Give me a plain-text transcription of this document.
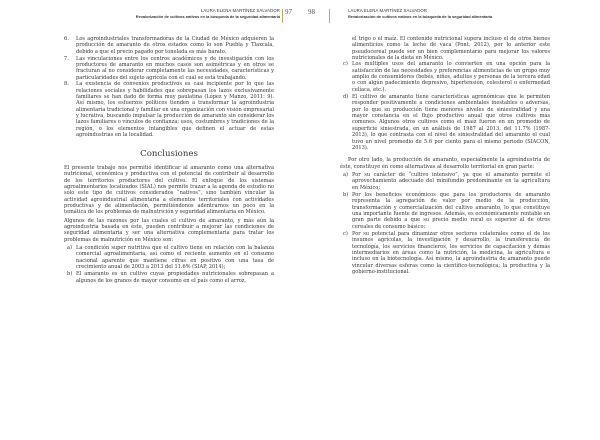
LAURA ELENA MARTÍNEZ SALVADOR
Revalorización de cultivos nativos en la búsqueda de la seguridad alimentaria 97
6. Los agroindustriales transformadoras de la Ciudad de México adquieren la producción de amaranto de otros estados como lo son Puebla y Tlaxcala, debido a que el precio pagado por tonelada es más barato.
7. Las vinculaciones entre los centros académicos y de investigación con los productores de amaranto en muchos casos son asimétricas y en otros se fracturan al no considerar completamente las necesidades, características y particularidades del sujeto agrícola con el cual se está trabajando.
8. La existencia de convenios productivos es casi incipiente por lo que las relaciones sociales y habilidades que sobrepasan los lazos exclusivamente familiares se han dado de forma muy paulatina (López y Manzo, 2011: 9). Así mismo, los esfuerzos políticos tienden a transformar la agroindustria alimentaria tradicional y familiar en una organización con visión empresarial y lucrativa, buscando impulsar la producción de amaranto sin considerar los lazos familiares o vínculos de confianza; usos, costumbres y tradiciones de la región, o los elementos intangibles que definen el actuar de estas agroindustrias en la localidad.
Conclusiones

El presente trabajo nos permitió identificar al amaranto como una alternativa nutricional, económica y productiva con el potencial de contribuir al desarrollo de los territorios productores del cultivo. El enfoque de los sistemas agroalimentarios localizados (SIAL) nos permite trazar a la agenda de estudio no sólo este tipo de cultivos considerados “nativos”, sino también vincular la actividad agroindustrial alimentaria a elementos territoriales con actividades productivas y de alimentación, permitiéndonos adentrarnos un poco en la temática de los problemas de malnutrición y seguridad alimentaria en México.

Algunos de las razones por las cuales el cultivo de amaranto, y más aún la agroindustria basada en éste, pueden contribuir a mejorar las condiciones de seguridad alimentaria y ser una alternativa complementaria para tratar los problemas de malnutrición en México son:

a) La condición super nutritiva que el cultivo tiene en relación con la balanza comercial agroalimentaria, así como el reciente aumento en el consumo nacional aparente que mantiene cifras en positivo con una tasa de crecimiento anual de 2003 a 2013 del 11.6% (SIAP, 2014);
b) El amaranto es un cultivo cuyas propiedades nutricionales sobrepasan a algunos de los granos de mayor consumo en el país como el arroz,
98	LAURA ELENA MARTÍNEZ SALVADOR
Revalorización de cultivos nativos en la búsqueda de la seguridad alimentaria

el trigo o el maíz. El contenido nutricional supera incluso el de otros bienes alimenticios como la leche de vaca (Pont, 2012), por lo anterior este pseudocereal puede ser un bien complementario para mejorar los valores nutricionales de la dieta en México.

c) Los múltiples usos del amaranto lo convierten en una opción para la satisfacción de las necesidades y preferencias alimenticias de un grupo muy amplio de consumidores (bebés, niños, adultos y personas de la tercera edad o con algún padecimiento depresivo, hipertensión, colesterol o enfermedad celíaca, etc.).
d) El cultivo de amaranto tiene características agronómicas que le permiten responder positivamente a condiciones ambientales inestables o adversas, por lo que su producción tiene menores niveles de siniestralidad y una mayor constancia en el flujo productivo anual que otros cultivos más comunes. Algunos otros cultivos como el maíz fueron en un promedio de superficie siniestrada, en un análisis de 1987 al 2013, del 11.7% (1987-2013), lo que contrasta con el nivel de siniestralidad del amaranto el cual tuvo un nivel promedio de 5.6 por ciento para el mismo periodo (SIACON, 2013).

Por otro lado, la producción de amaranto, especialmente la agroindustria de éste, constituye en como alternativas al desarrollo territorial en gran parte:

a) Por su carácter de “cultivo intensivo”, ya que el amaranto permite el aprovechamiento adecuado del minifundio predominante en la agricultura en México;
b) Por los beneficios económicos que para los productores de amaranto representa la agregación de valor por medio de la producción, transformación y comercialización del cultivo amaranto, lo que constituye una importante fuente de ingresos. Además, es económicamente rentable en gran parte debido a que su precio medio rural es superior al de otros cereales de consumo básico;
c) Por su potencial para dinamizar otros sectores colaterales como el de los insumos agrícolas, la investigación y desarrollo, la transferencia de tecnología, los servicios financieros, los servicios de capacitación y demás intermediarios en áreas como la nutrición, la medicina, la agricultura e incluso en la biotecnología. Así mismo, la agroindustria de amaranto puede vincular diversas esferas como la científico-tecnológica; la productiva y la gobierno-institucional.
